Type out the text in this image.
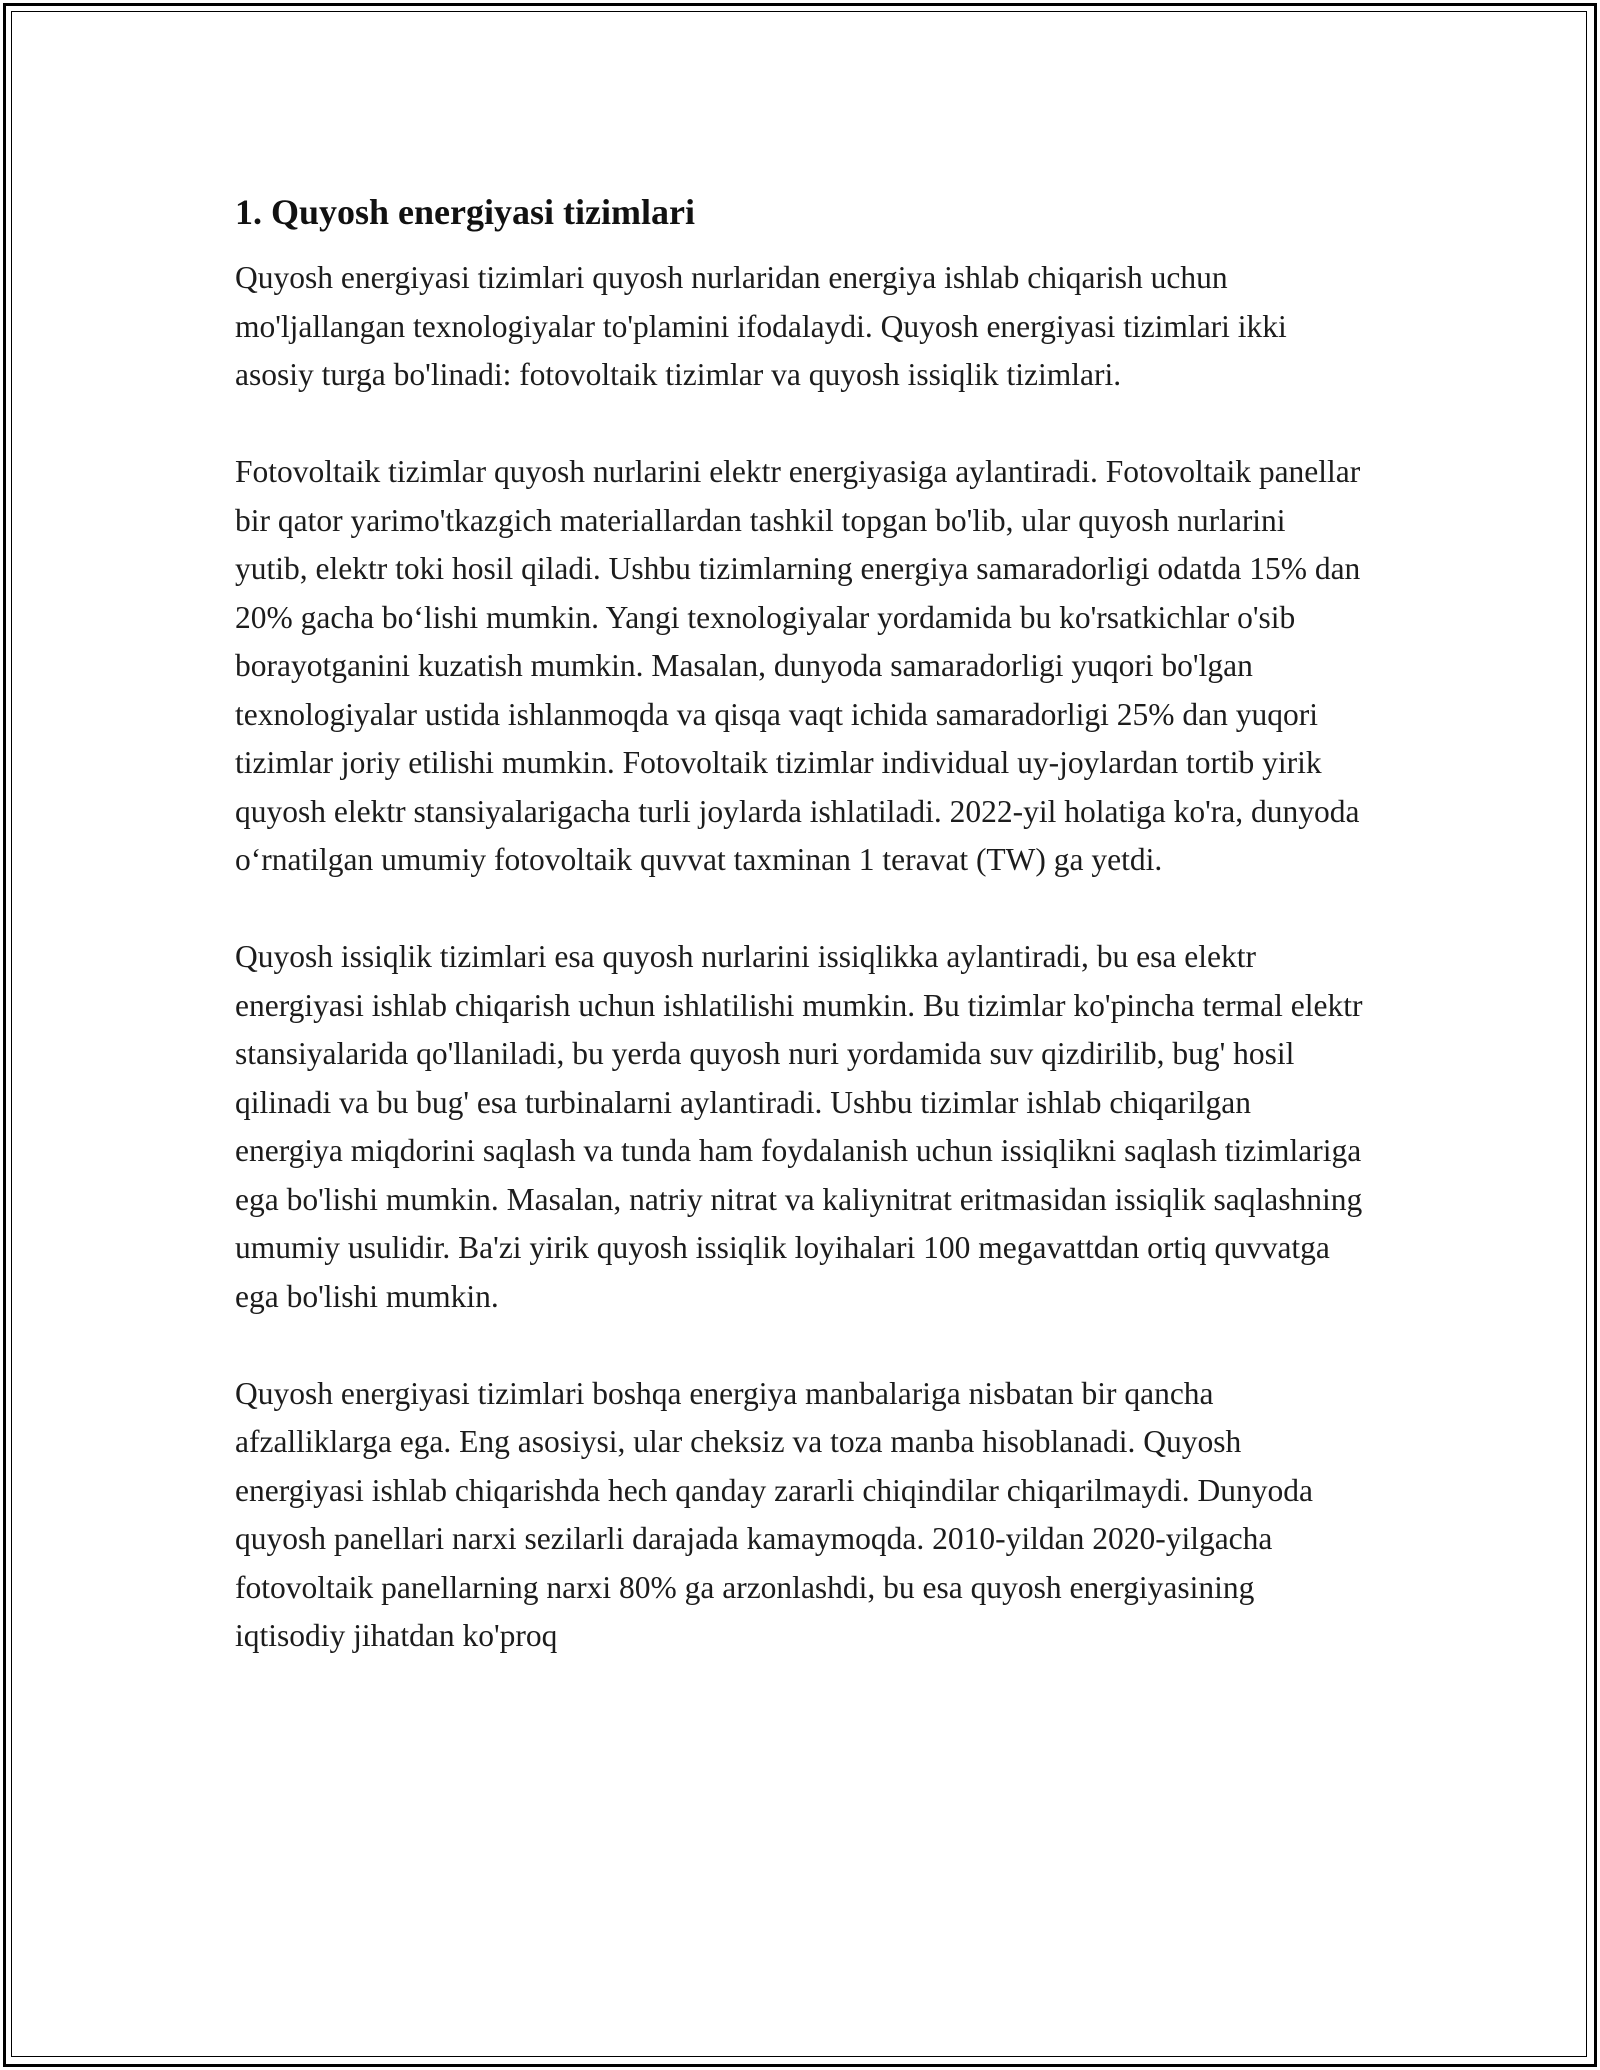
1. Quyosh energiyasi tizimlari

Quyosh energiyasi tizimlari quyosh nurlaridan energiya ishlab chiqarish uchun mo'ljallangan texnologiyalar to'plamini ifodalaydi. Quyosh energiyasi tizimlari ikki asosiy turga bo'linadi: fotovoltaik tizimlar va quyosh issiqlik tizimlari.

Fotovoltaik tizimlar quyosh nurlarini elektr energiyasiga aylantiradi. Fotovoltaik panellar bir qator yarimo'tkazgich materiallardan tashkil topgan bo'lib, ular quyosh nurlarini yutib, elektr toki hosil qiladi. Ushbu tizimlarning energiya samaradorligi odatda 15% dan 20% gacha bo‘lishi mumkin. Yangi texnologiyalar yordamida bu ko'rsatkichlar o'sib borayotganini kuzatish mumkin. Masalan, dunyoda samaradorligi yuqori bo'lgan texnologiyalar ustida ishlanmoqda va qisqa vaqt ichida samaradorligi 25% dan yuqori tizimlar joriy etilishi mumkin. Fotovoltaik tizimlar individual uy-joylardan tortib yirik quyosh elektr stansiyalarigacha turli joylarda ishlatiladi. 2022-yil holatiga ko'ra, dunyoda o‘rnatilgan umumiy fotovoltaik quvvat taxminan 1 teravat (TW) ga yetdi.

Quyosh issiqlik tizimlari esa quyosh nurlarini issiqlikka aylantiradi, bu esa elektr energiyasi ishlab chiqarish uchun ishlatilishi mumkin. Bu tizimlar ko'pincha termal elektr stansiyalarida qo'llaniladi, bu yerda quyosh nuri yordamida suv qizdirilib, bug' hosil qilinadi va bu bug' esa turbinalarni aylantiradi. Ushbu tizimlar ishlab chiqarilgan energiya miqdorini saqlash va tunda ham foydalanish uchun issiqlikni saqlash tizimlariga ega bo'lishi mumkin. Masalan, natriy nitrat va kaliynitrat eritmasidan issiqlik saqlashning umumiy usulidir. Ba'zi yirik quyosh issiqlik loyihalari 100 megavattdan ortiq quvvatga ega bo'lishi mumkin.

Quyosh energiyasi tizimlari boshqa energiya manbalariga nisbatan bir qancha afzalliklarga ega. Eng asosiysi, ular cheksiz va toza manba hisoblanadi. Quyosh energiyasi ishlab chiqarishda hech qanday zararli chiqindilar chiqarilmaydi. Dunyoda quyosh panellari narxi sezilarli darajada kamaymoqda. 2010-yildan 2020-yilgacha fotovoltaik panellarning narxi 80% ga arzonlashdi, bu esa quyosh energiyasining iqtisodiy jihatdan ko'proq
